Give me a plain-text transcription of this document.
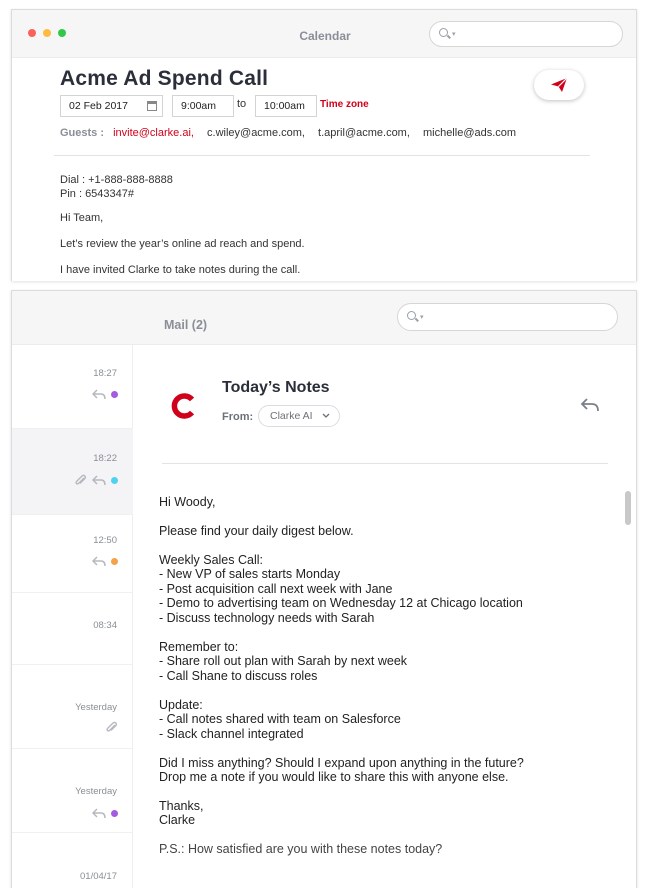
Calendar	▾
Acme Ad Spend Call
02 Feb 2017	9:00am	to	10:00am	Time zone
Guests : invite@clarke.ai, c.wiley@acme.com, t.april@acme.com, michelle@ads.com

Dial : +1-888-888-8888

Pin : 6543347#

Hi Team,

Let’s review the year’s online ad reach and spend.

I have invited Clarke to take notes during the call.

Mail (2)
▾
18:27
18:22
12:50
08:34
Yesterday
Yesterday
01/04/17
Today’s Notes
From:	Clarke AI
Hi Woody,
Please find your daily digest below.
Weekly Sales Call:
- New VP of sales starts Monday
- Post acquisition call next week with Jane
- Demo to advertising team on Wednesday 12 at Chicago location
- Discuss technology needs with Sarah
Remember to:
- Share roll out plan with Sarah by next week
- Call Shane to discuss roles
Update:
- Call notes shared with team on Salesforce
- Slack channel integrated
Did I miss anything? Should I expand upon anything in the future?
Drop me a note if you would like to share this with anyone else.
Thanks,
Clarke
P.S.: How satisfied are you with these notes today?
